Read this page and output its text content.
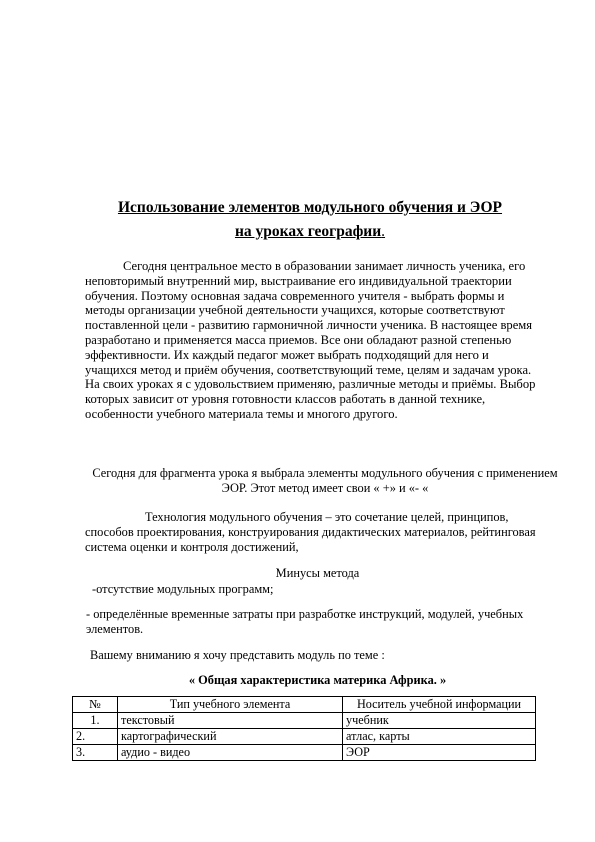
Использование элементов модульного обучения и ЭОР
на уроках географии.
Сегодня центральное место в образовании занимает личность ученика, его неповторимый внутренний мир, выстраивание его индивидуальной траектории обучения. Поэтому основная задача современного учителя - выбрать формы и методы организации учебной деятельности учащихся, которые соответствуют поставленной цели - развитию гармоничной личности ученика. В настоящее время разработано и применяется масса приемов. Все они обладают разной степенью эффективности. Их каждый педагог может выбрать подходящий для него и учащихся метод и приём обучения, соответствующий теме, целям и задачам урока. На своих уроках я с удовольствием применяю, различные методы и приёмы. Выбор которых зависит от уровня готовности классов работать в данной технике, особенности учебного материала темы и многого другого.
Сегодня для фрагмента урока я выбрала элементы модульного обучения с применением ЭОР. Этот метод имеет свои « +» и «- «
Технология модульного обучения – это сочетание целей, принципов, способов проектирования, конструирования дидактических материалов, рейтинговая система оценки и контроля достижений,
Минусы метода
-отсутствие модульных программ;
- определённые временные затраты при разработке инструкций, модулей, учебных элементов.
Вашему вниманию я хочу представить модуль по теме :
« Общая характеристика материка Африка. »
№	Тип учебного элемента	Носитель учебной информации
1.	текстовый	учебник
2.	картографический	атлас, карты
3.	аудио - видео	ЭОР
